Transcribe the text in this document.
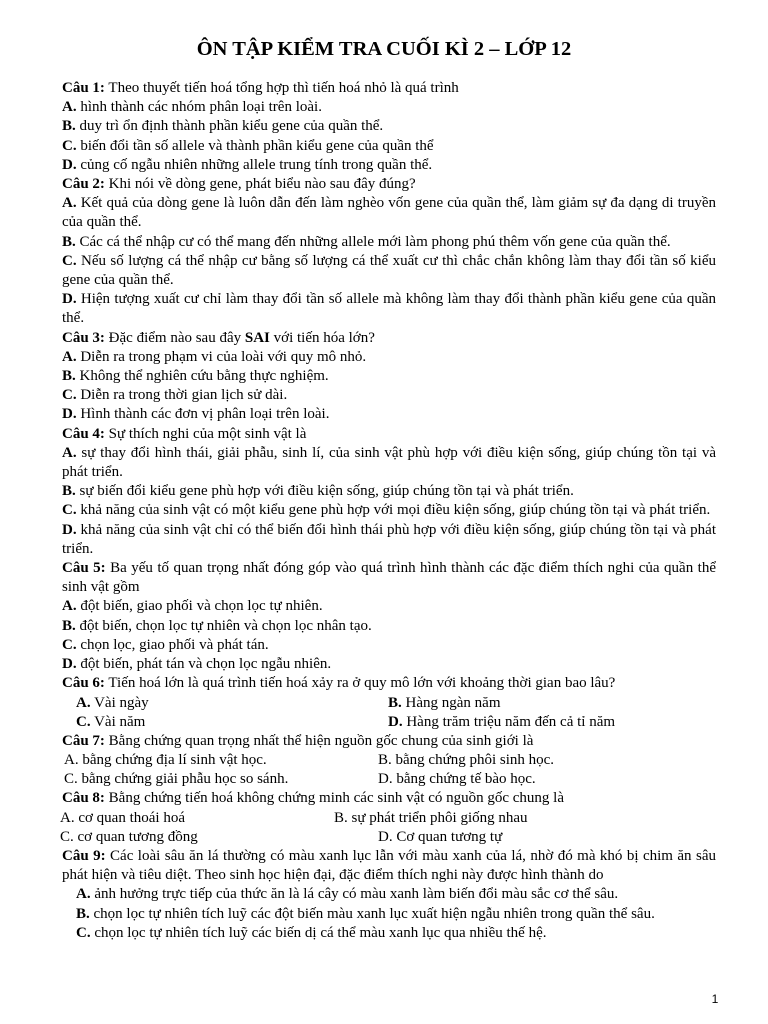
ÔN TẬP KIỂM TRA CUỐI KÌ 2 – LỚP 12

Câu 1: Theo thuyết tiến hoá tổng hợp thì tiến hoá nhỏ là quá trình

A. hình thành các nhóm phân loại trên loài.

B. duy trì ổn định thành phần kiểu gene của quần thể.

C. biến đổi tần số allele và thành phần kiểu gene của quần thể

D. củng cố ngẫu nhiên những allele trung tính trong quần thể.

Câu 2: Khi nói về dòng gene, phát biểu nào sau đây đúng?

A. Kết quả của dòng gene là luôn dẫn đến làm nghèo vốn gene của quần thể, làm giảm sự đa dạng di truyền của quần thể.

B. Các cá thể nhập cư có thể mang đến những allele mới làm phong phú thêm vốn gene của quần thể.

C. Nếu số lượng cá thể nhập cư bằng số lượng cá thể xuất cư thì chắc chắn không làm thay đổi tần số kiểu gene của quần thể.

D. Hiện tượng xuất cư chỉ làm thay đổi tần số allele mà không làm thay đổi thành phần kiểu gene của quần thể.

Câu 3: Đặc điểm nào sau đây SAI với tiến hóa lớn?

A. Diễn ra trong phạm vi của loài với quy mô nhỏ.

B. Không thể nghiên cứu bằng thực nghiệm.

C. Diễn ra trong thời gian lịch sử dài.

D. Hình thành các đơn vị phân loại trên loài.

Câu 4: Sự thích nghi của một sinh vật là

A. sự thay đổi hình thái, giải phẫu, sinh lí, của sinh vật phù hợp với điều kiện sống, giúp chúng tồn tại và phát triển.

B. sự biến đổi kiểu gene phù hợp với điều kiện sống, giúp chúng tồn tại và phát triển.

C. khả năng của sinh vật có một kiểu gene phù hợp với mọi điều kiện sống, giúp chúng tồn tại và phát triển.

D. khả năng của sinh vật chỉ có thể biến đổi hình thái phù hợp với điều kiện sống, giúp chúng tồn tại và phát triển.

Câu 5: Ba yếu tố quan trọng nhất đóng góp vào quá trình hình thành các đặc điểm thích nghi của quần thể sinh vật gồm

A. đột biến, giao phối và chọn lọc tự nhiên.

B. đột biến, chọn lọc tự nhiên và chọn lọc nhân tạo.

C. chọn lọc, giao phối và phát tán.

D. đột biến, phát tán và chọn lọc ngẫu nhiên.

Câu 6: Tiến hoá lớn là quá trình tiến hoá xảy ra ở quy mô lớn với khoảng thời gian bao lâu?

A. Vài ngày	B. Hàng ngàn năm
C. Vài năm	D. Hàng trăm triệu năm đến cả tỉ năm

Câu 7: Bằng chứng quan trọng nhất thể hiện nguồn gốc chung của sinh giới là

A. bằng chứng địa lí sinh vật học.	B. bằng chứng phôi sinh học.
C. bằng chứng giải phẫu học so sánh.	D. bằng chứng tế bào học.

Câu 8: Bằng chứng tiến hoá không chứng minh các sinh vật có nguồn gốc chung là

A. cơ quan thoái hoá	B. sự phát triển phôi giống nhau
C. cơ quan tương đồng	D. Cơ quan tương tự

Câu 9: Các loài sâu ăn lá thường có màu xanh lục lẫn với màu xanh của lá, nhờ đó mà khó bị chim ăn sâu phát hiện và tiêu diệt. Theo sinh học hiện đại, đặc điểm thích nghi này được hình thành do

A. ảnh hưởng trực tiếp của thức ăn là lá cây có màu xanh làm biến đổi màu sắc cơ thể sâu.

B. chọn lọc tự nhiên tích luỹ các đột biến màu xanh lục xuất hiện ngẫu nhiên trong quần thể sâu.

C. chọn lọc tự nhiên tích luỹ các biến dị cá thể màu xanh lục qua nhiều thế hệ.

1
